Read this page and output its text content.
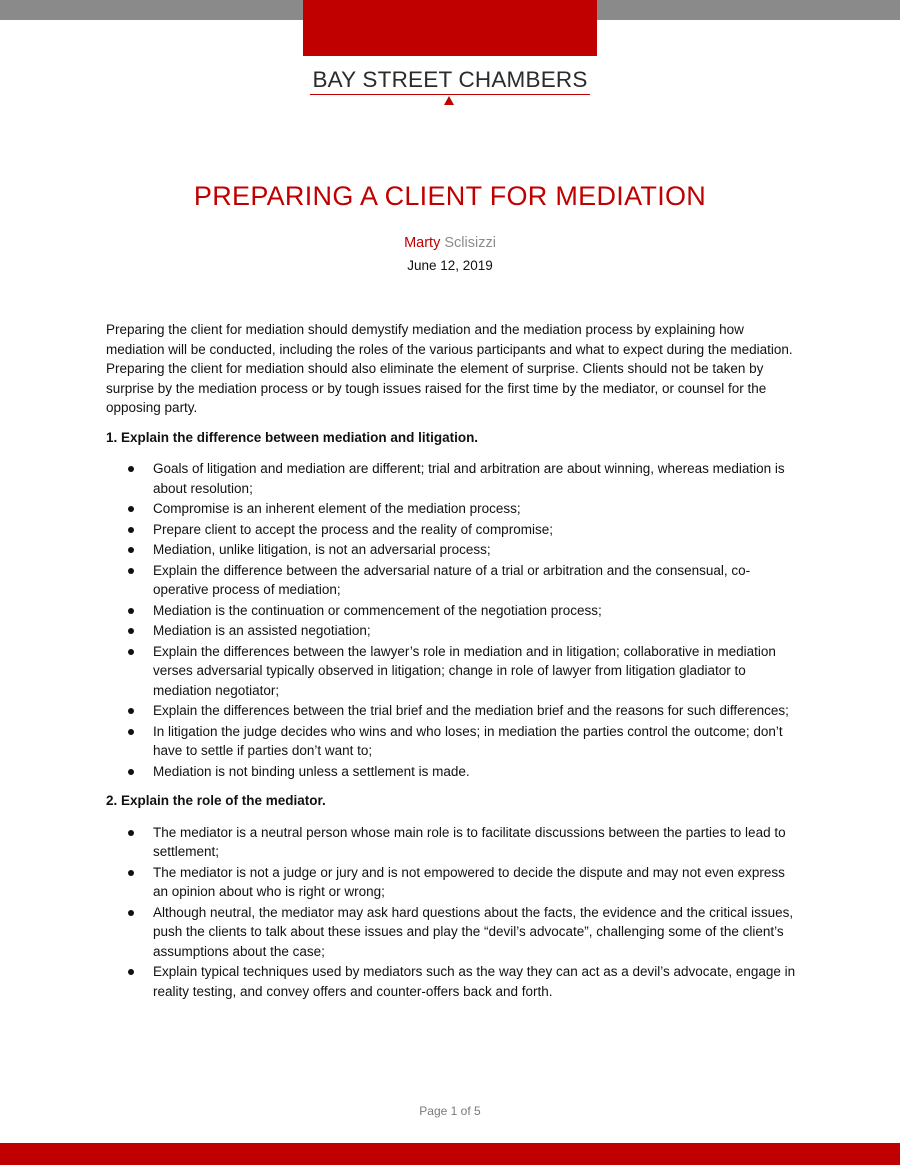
BAY STREET CHAMBERS
PREPARING A CLIENT FOR MEDIATION
Marty Sclisizzi
June 12, 2019

Preparing the client for mediation should demystify mediation and the mediation process by explaining how mediation will be conducted, including the roles of the various participants and what to expect during the mediation. Preparing the client for mediation should also eliminate the element of surprise. Clients should not be taken by surprise by the mediation process or by tough issues raised for the first time by the mediator, or counsel for the opposing party.

1. Explain the difference between mediation and litigation.
Goals of litigation and mediation are different; trial and arbitration are about winning, whereas mediation is about resolution;
Compromise is an inherent element of the mediation process;
Prepare client to accept the process and the reality of compromise;
Mediation, unlike litigation, is not an adversarial process;
Explain the difference between the adversarial nature of a trial or arbitration and the consensual, co-operative process of mediation;
Mediation is the continuation or commencement of the negotiation process;
Mediation is an assisted negotiation;
Explain the differences between the lawyer’s role in mediation and in litigation; collaborative in mediation verses adversarial typically observed in litigation; change in role of lawyer from litigation gladiator to mediation negotiator;
Explain the differences between the trial brief and the mediation brief and the reasons for such differences;
In litigation the judge decides who wins and who loses; in mediation the parties control the outcome; don’t have to settle if parties don’t want to;
Mediation is not binding unless a settlement is made.
2. Explain the role of the mediator.
The mediator is a neutral person whose main role is to facilitate discussions between the parties to lead to settlement;
The mediator is not a judge or jury and is not empowered to decide the dispute and may not even express an opinion about who is right or wrong;
Although neutral, the mediator may ask hard questions about the facts, the evidence and the critical issues, push the clients to talk about these issues and play the “devil’s advocate”, challenging some of the client’s assumptions about the case;
Explain typical techniques used by mediators such as the way they can act as a devil’s advocate, engage in reality testing, and convey offers and counter-offers back and forth.
Page 1 of 5
